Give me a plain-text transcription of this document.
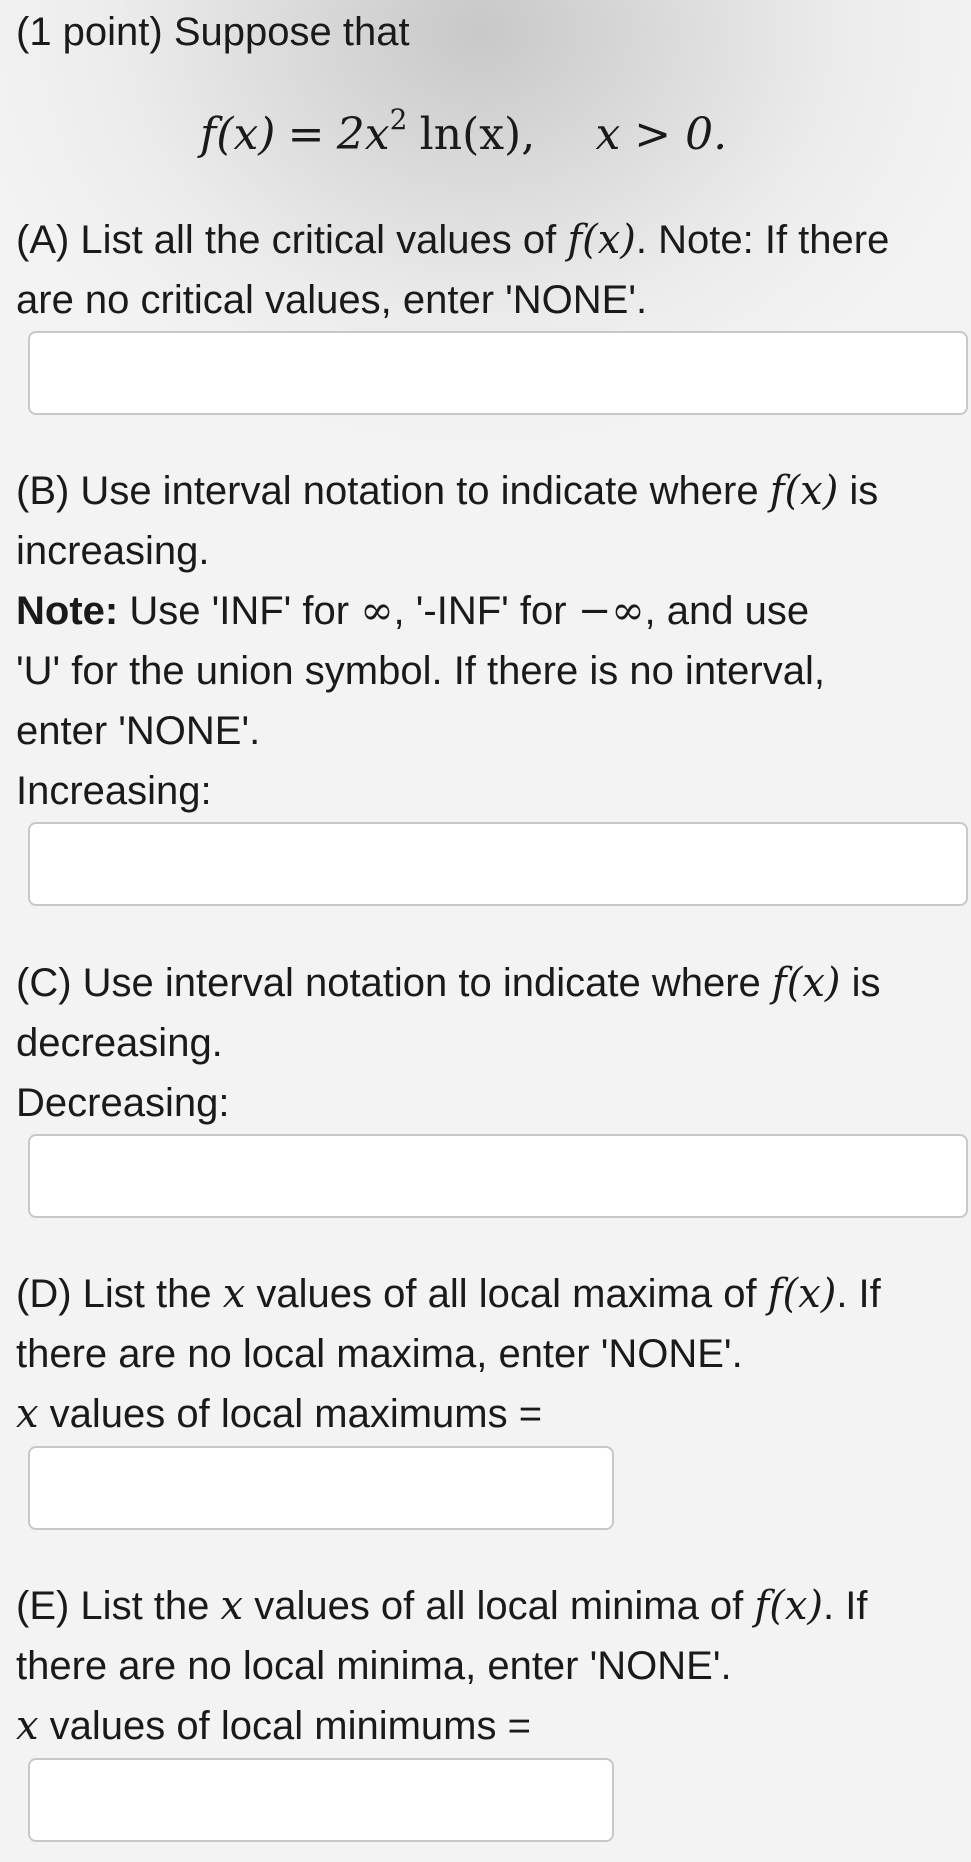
(1 point) Suppose that
$f(x) = 2x^2$ ln(x), x > 0.
(A) List all the critical values of f(x). Note: If there
are no critical values, enter 'NONE'.
(B) Use interval notation to indicate where f(x) is
increasing.
Note: Use 'INF' for ∞, '-INF' for −∞, and use
'U' for the union symbol. If there is no interval,
enter 'NONE'.
Increasing:
(C) Use interval notation to indicate where f(x) is
decreasing.
Decreasing:
(D) List the x values of all local maxima of f(x). If
there are no local maxima, enter 'NONE'.
x values of local maximums =
(E) List the x values of all local minima of f(x). If
there are no local minima, enter 'NONE'.
x values of local minimums =
